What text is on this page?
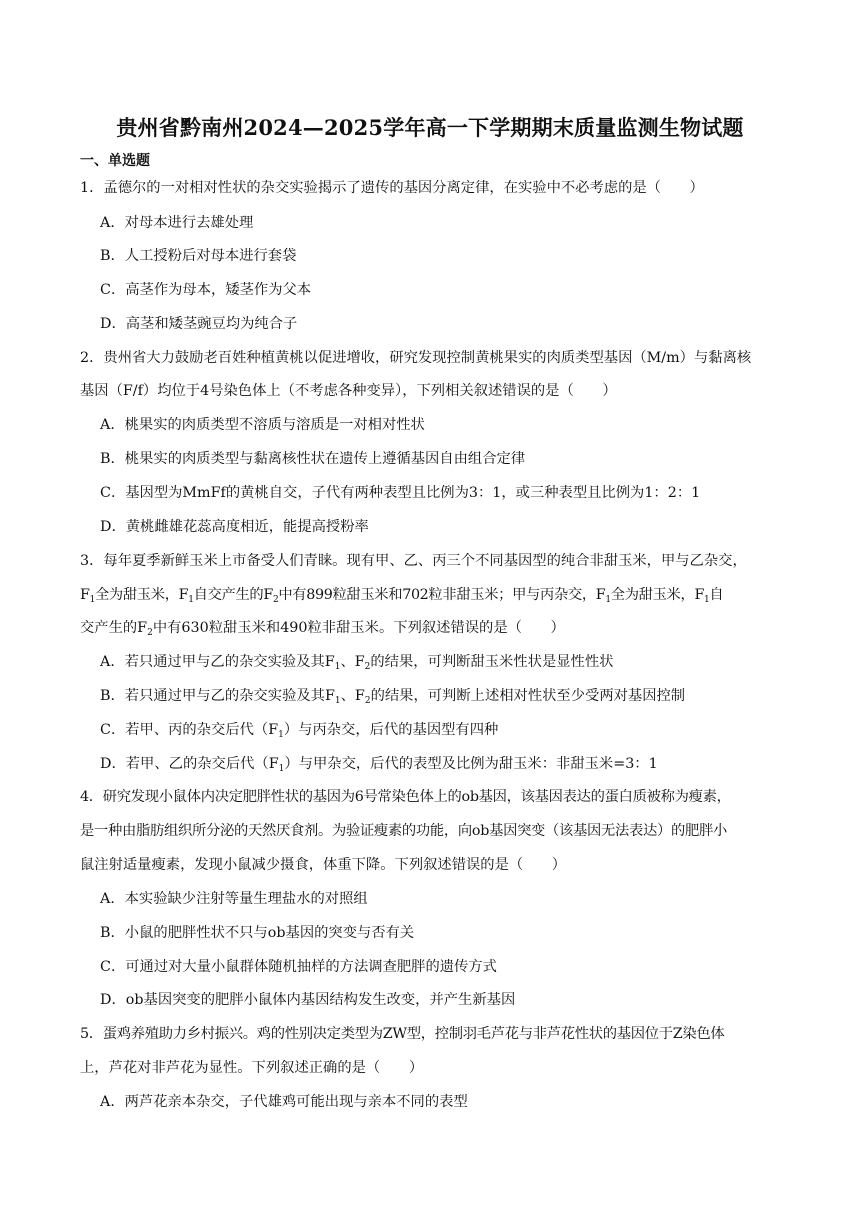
贵州省黔南州2024—2025学年高一下学期期末质量监测生物试题
一、单选题
1．孟德尔的一对相对性状的杂交实验揭示了遗传的基因分离定律，在实验中不必考虑的是（　　）
A．对母本进行去雄处理
B．人工授粉后对母本进行套袋
C．高茎作为母本，矮茎作为父本
D．高茎和矮茎豌豆均为纯合子
2．贵州省大力鼓励老百姓种植黄桃以促进增收，研究发现控制黄桃果实的肉质类型基因（M/m）与黏离核
基因（F/f）均位于4号染色体上（不考虑各种变异），下列相关叙述错误的是（　　）
A．桃果实的肉质类型不溶质与溶质是一对相对性状
B．桃果实的肉质类型与黏离核性状在遗传上遵循基因自由组合定律
C．基因型为MmFf的黄桃自交，子代有两种表型且比例为3：1，或三种表型且比例为1：2：1
D．黄桃雌雄花蕊高度相近，能提高授粉率
3．每年夏季新鲜玉米上市备受人们青睐。现有甲、乙、丙三个不同基因型的纯合非甜玉米，甲与乙杂交，
$F_1$全为甜玉米，$F_1$自交产生的$F_2$中有899粒甜玉米和702粒非甜玉米；甲与丙杂交，$F_1$全为甜玉米，$F_1$自
交产生的$F_2$中有630粒甜玉米和490粒非甜玉米。下列叙述错误的是（　　）
A．若只通过甲与乙的杂交实验及其$F_1$、$F_2$的结果，可判断甜玉米性状是显性性状
B．若只通过甲与乙的杂交实验及其$F_1$、$F_2$的结果，可判断上述相对性状至少受两对基因控制
C．若甲、丙的杂交后代$(F_1)$与丙杂交，后代的基因型有四种
D．若甲、乙的杂交后代$(F_1)$与甲杂交，后代的表型及比例为甜玉米：非甜玉米=3：1
4．研究发现小鼠体内决定肥胖性状的基因为6号常染色体上的ob基因，该基因表达的蛋白质被称为瘦素，
是一种由脂肪组织所分泌的天然厌食剂。为验证瘦素的功能，向ob基因突变（该基因无法表达）的肥胖小
鼠注射适量瘦素，发现小鼠减少摄食，体重下降。下列叙述错误的是（　　）
A．本实验缺少注射等量生理盐水的对照组
B．小鼠的肥胖性状不只与ob基因的突变与否有关
C．可通过对大量小鼠群体随机抽样的方法调查肥胖的遗传方式
D．ob基因突变的肥胖小鼠体内基因结构发生改变，并产生新基因
5．蛋鸡养殖助力乡村振兴。鸡的性别决定类型为ZW型，控制羽毛芦花与非芦花性状的基因位于Z染色体
上，芦花对非芦花为显性。下列叙述正确的是（　　）
A．两芦花亲本杂交，子代雄鸡可能出现与亲本不同的表型
